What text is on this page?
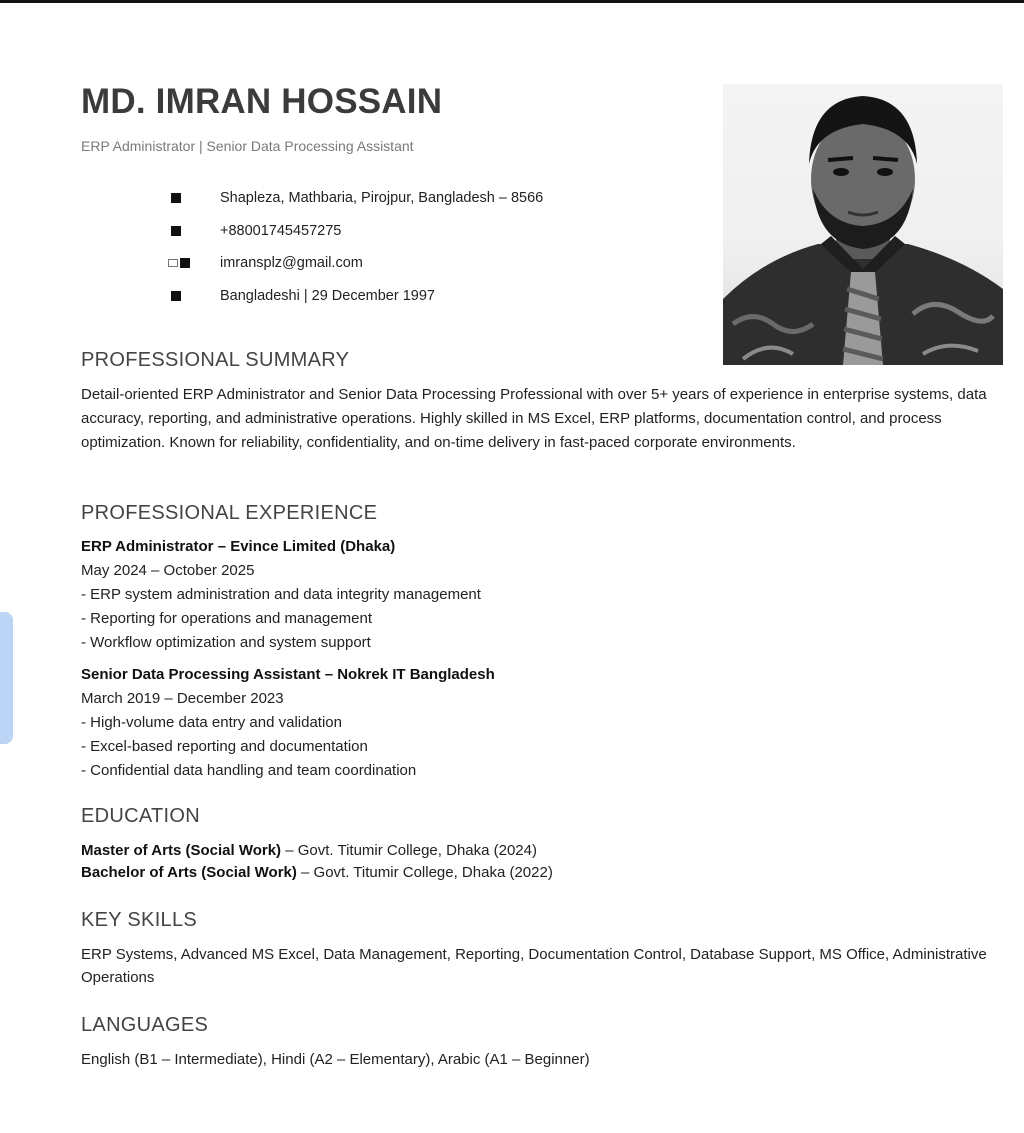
MD. IMRAN HOSSAIN
ERP Administrator | Senior Data Processing Assistant
Shapleza, Mathbaria, Pirojpur, Bangladesh – 8566
+88001745457275
imransplz@gmail.com
Bangladeshi | 29 December 1997
PROFESSIONAL SUMMARY

Detail-oriented ERP Administrator and Senior Data Processing Professional with over 5+ years of experience in enterprise systems, data accuracy, reporting, and administrative operations. Highly skilled in MS Excel, ERP platforms, documentation control, and process optimization. Known for reliability, confidentiality, and on-time delivery in fast-paced corporate environments.

PROFESSIONAL EXPERIENCE
ERP Administrator – Evince Limited (Dhaka)
May 2024 – October 2025
- ERP system administration and data integrity management
- Reporting for operations and management
- Workflow optimization and system support
Senior Data Processing Assistant – Nokrek IT Bangladesh
March 2019 – December 2023
- High-volume data entry and validation
- Excel-based reporting and documentation
- Confidential data handling and team coordination
EDUCATION
Master of Arts (Social Work) – Govt. Titumir College, Dhaka (2024)
Bachelor of Arts (Social Work) – Govt. Titumir College, Dhaka (2022)
KEY SKILLS

ERP Systems, Advanced MS Excel, Data Management, Reporting, Documentation Control, Database Support, MS Office, Administrative Operations

LANGUAGES

English (B1 – Intermediate), Hindi (A2 – Elementary), Arabic (A1 – Beginner)
